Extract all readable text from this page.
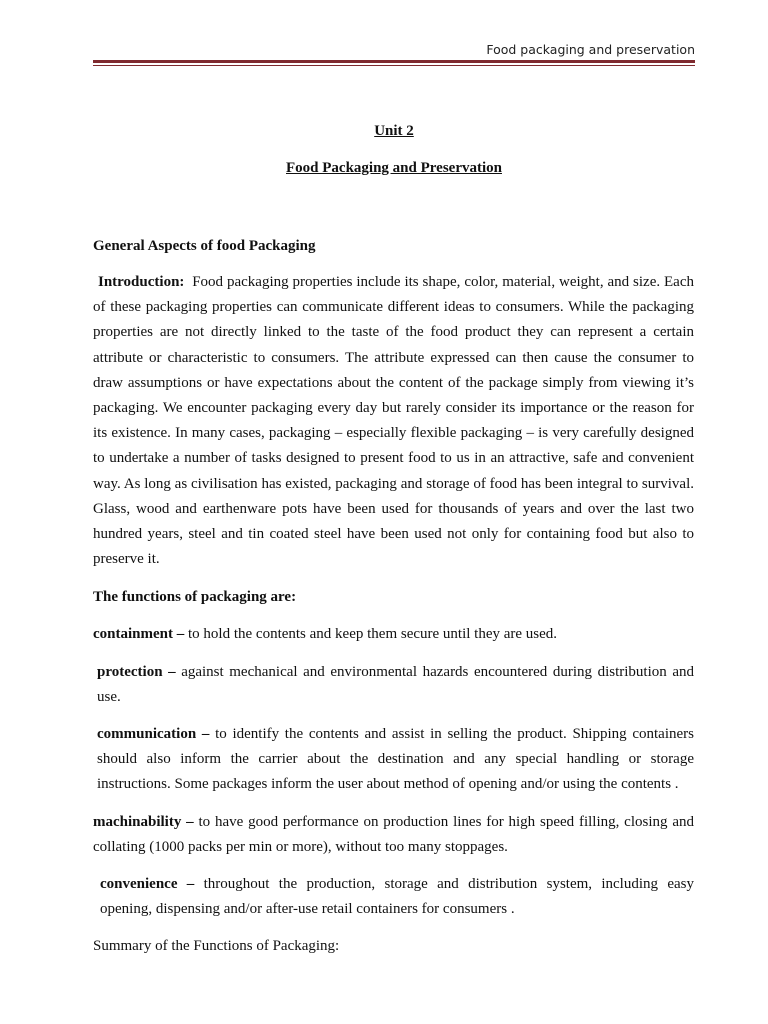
Food packaging and preservation
Unit 2
Food Packaging and Preservation
General Aspects of food Packaging

Introduction: Food packaging properties include its shape, color, material, weight, and size. Each of these packaging properties can communicate different ideas to consumers. While the packaging properties are not directly linked to the taste of the food product they can represent a certain attribute or characteristic to consumers. The attribute expressed can then cause the consumer to draw assumptions or have expectations about the content of the package simply from viewing it’s packaging. We encounter packaging every day but rarely consider its importance or the reason for its existence. In many cases, packaging – especially flexible packaging – is very carefully designed to undertake a number of tasks designed to present food to us in an attractive, safe and convenient way. As long as civilisation has existed, packaging and storage of food has been integral to survival. Glass, wood and earthenware pots have been used for thousands of years and over the last two hundred years, steel and tin coated steel have been used not only for containing food but also to preserve it.

The functions of packaging are:

containment – to hold the contents and keep them secure until they are used.

protection – against mechanical and environmental hazards encountered during distribution and use.

communication – to identify the contents and assist in selling the product. Shipping containers should also inform the carrier about the destination and any special handling or storage instructions. Some packages inform the user about method of opening and/or using the contents .

machinability – to have good performance on production lines for high speed filling, closing and collating (1000 packs per min or more), without too many stoppages.

convenience – throughout the production, storage and distribution system, including easy opening, dispensing and/or after-use retail containers for consumers .

Summary of the Functions of Packaging:
